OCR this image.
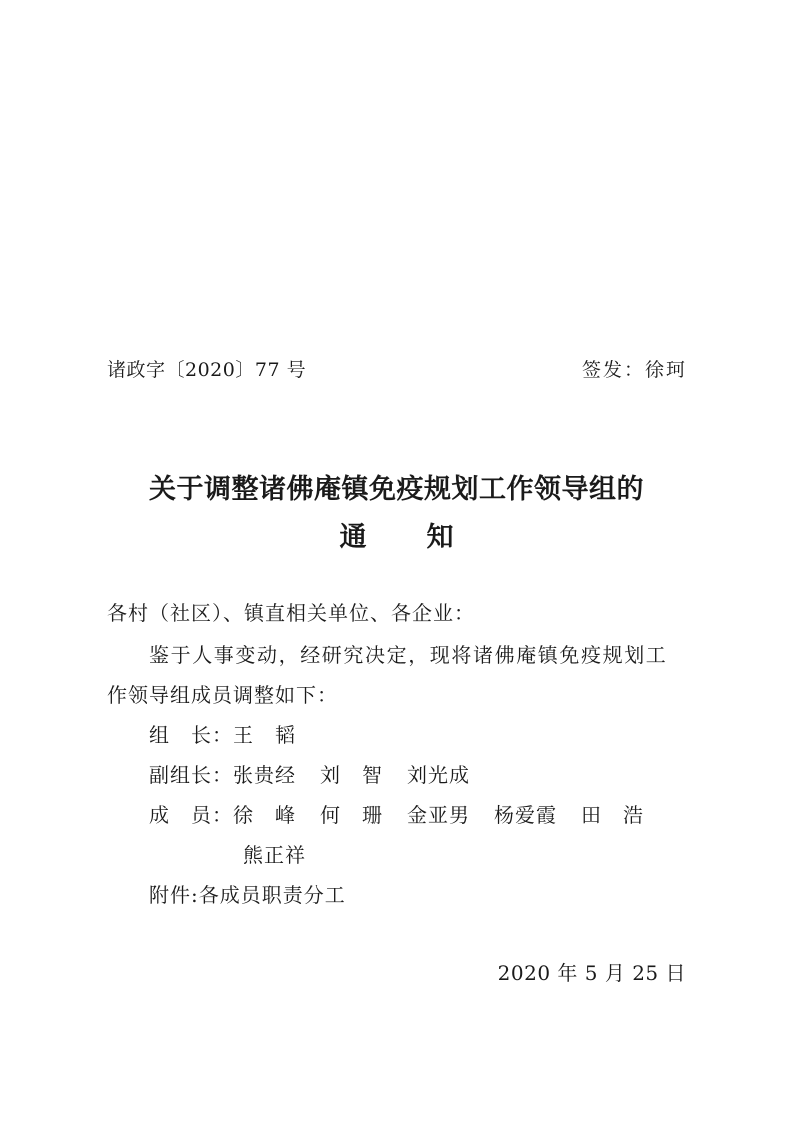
诸政字〔2020〕77 号	签发：徐珂
关于调整诸佛庵镇免疫规划工作领导组的
通知
各村（社区）、镇直相关单位、各企业：
鉴于人事变动，经研究决定，现将诸佛庵镇免疫规划工
作领导组成员调整如下：
组　长：王　韬
副组长：张贵经 刘　智 刘光成
成　员：徐　峰 何　珊 金亚男 杨爱霞 田　浩
熊正祥
附件:各成员职责分工
2020 年 5 月 25 日
